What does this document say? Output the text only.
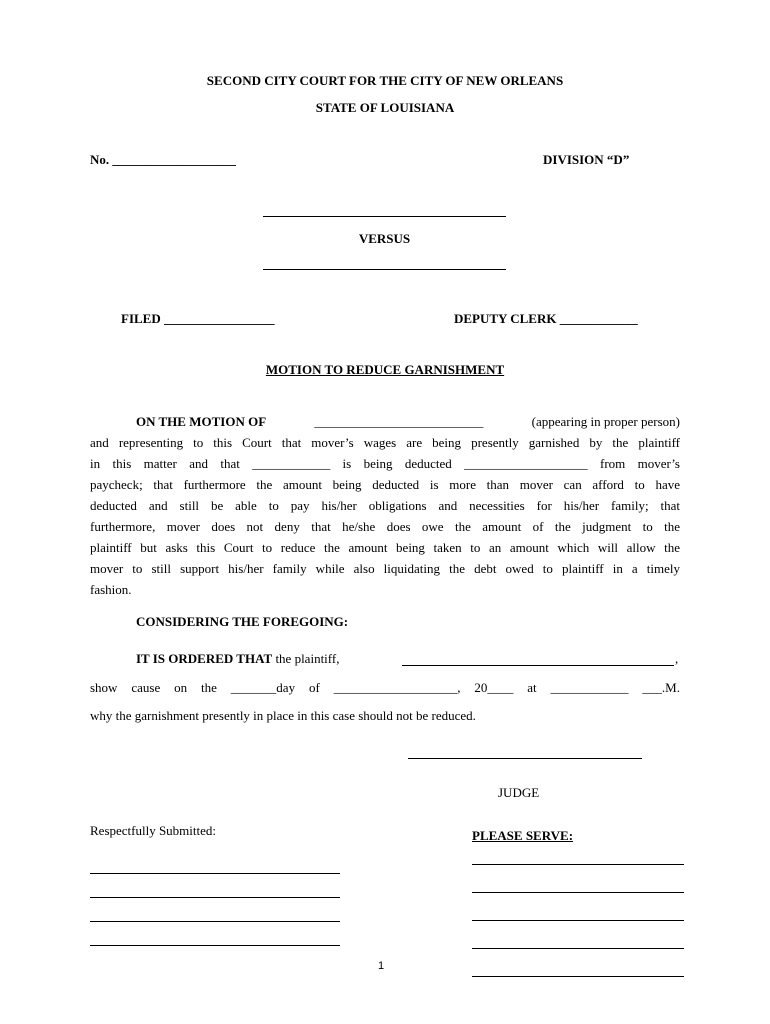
SECOND CITY COURT FOR THE CITY OF NEW ORLEANS
STATE OF LOUISIANA
No. ___________________	DIVISION “D”
VERSUS
FILED _________________	DEPUTY CLERK ____________
MOTION TO REDUCE GARNISHMENT
ON THE MOTION OF	__________________________	(appearing in proper person)
and representing to this Court that mover’s wages are being presently garnished by the plaintiff
in this matter and that ____________ is being deducted ___________________ from mover’s
paycheck; that furthermore the amount being deducted is more than mover can afford to have
deducted and still be able to pay his/her obligations and necessities for his/her family; that
furthermore, mover does not deny that he/she does owe the amount of the judgment to the
plaintiff but asks this Court to reduce the amount being taken to an amount which will allow the
mover to still support his/her family while also liquidating the debt owed to plaintiff in a timely
fashion.
CONSIDERING THE FOREGOING:
IT IS ORDERED THAT the plaintiff,	,
show cause on the _______day of ___________________, 20____ at ____________ ___.M.
why the garnishment presently in place in this case should not be reduced.
JUDGE
Respectfully Submitted:	PLEASE SERVE:
1
